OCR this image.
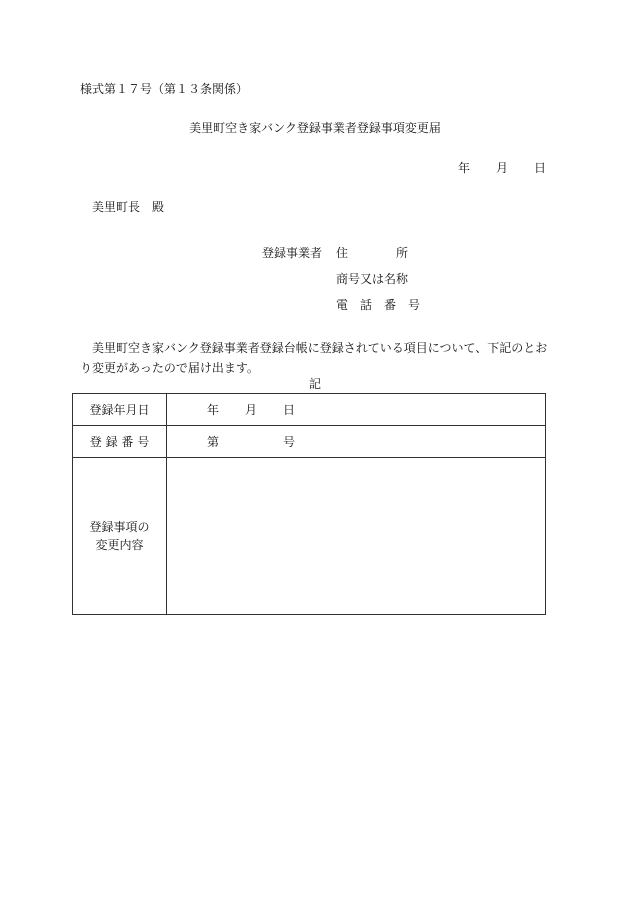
様式第１７号（第１３条関係）
美里町空き家バンク登録事業者登録事項変更届
年 月 日
美里町長　殿
登録事業者 住　　　　所
商号又は名称
電　話　番　号
　美里町空き家バンク登録事業者登録台帳に登録されている項目について、下記のとおり変更があったので届け出ます。
記
登録年月日	年 月 日
登 録 番 号	第 号

登録事項の
変更内容	
